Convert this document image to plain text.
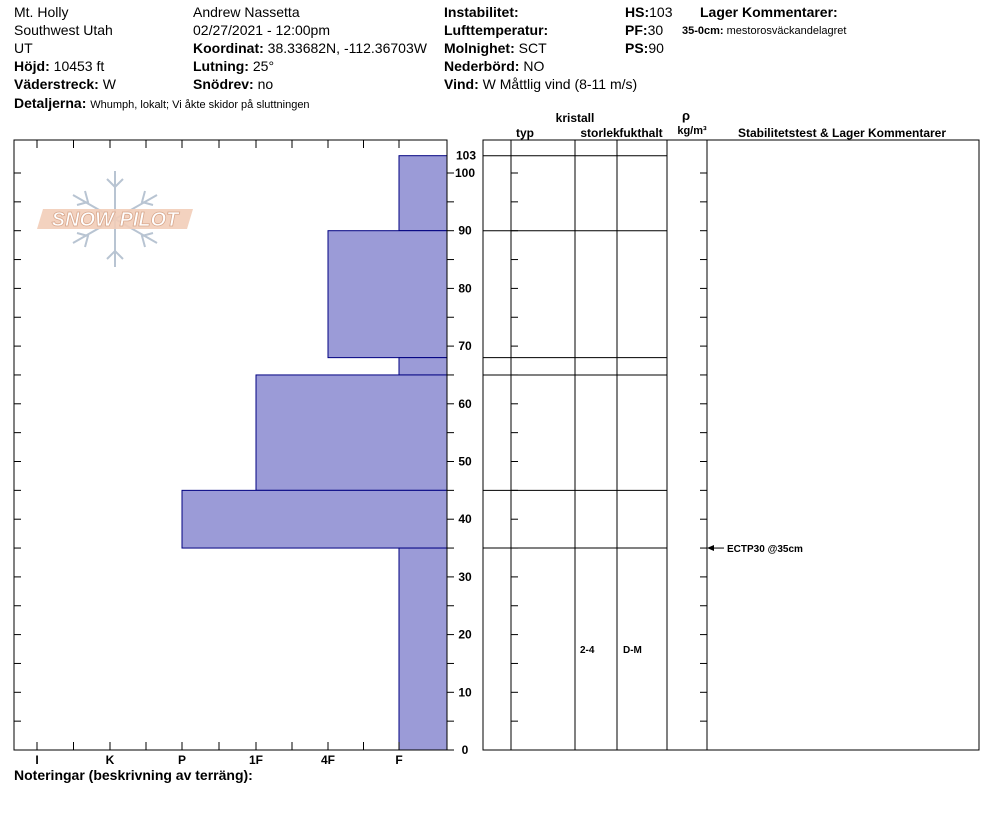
Mt. Holly
Southwest Utah
UT
Höjd: 10453 ft
Väderstreck: W
Detaljerna: Whumph, lokalt; Vi åkte skidor på sluttningen
Andrew Nassetta
02/27/2021 - 12:00pm
Koordinat: 38.33682N, -112.36703W
Lutning: 25°
Snödrev: no
Instabilitet:
Lufttemperatur:
Molnighet: SCT
Nederbörd: NO
Vind: W Måttlig vind (8-11 m/s)
HS:103
PF:30
PS:90
Lager Kommentarer:
35-0cm: mestorosväckandelagret
SNOW PILOT
I	K	P	1F	4F	F
0
10
20
30
40
50
60
70
80
90
100
103
2-4	D-M
ECTP30 @35cm
typ
kristall
storlek fukthalt
ρ
kg/m³	Stabilitetstest & Lager Kommentarer
Noteringar (beskrivning av terräng):
